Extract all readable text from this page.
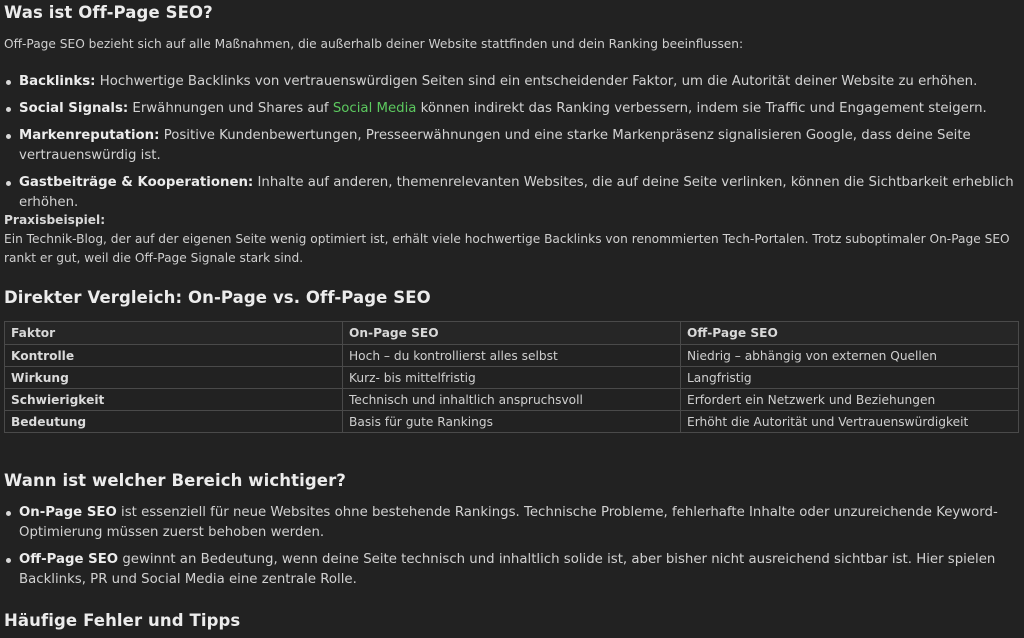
Was ist Off-Page SEO?
Off-Page SEO bezieht sich auf alle Maßnahmen, die außerhalb deiner Website stattfinden und dein Ranking beeinflussen:
Backlinks: Hochwertige Backlinks von vertrauenswürdigen Seiten sind ein entscheidender Faktor, um die Autorität deiner Website zu erhöhen.
Social Signals: Erwähnungen und Shares auf Social Media können indirekt das Ranking verbessern, indem sie Traffic und Engagement steigern.
Markenreputation: Positive Kundenbewertungen, Presseerwähnungen und eine starke Markenpräsenz signalisieren Google, dass deine Seite vertrauenswürdig ist.
Gastbeiträge & Kooperationen: Inhalte auf anderen, themenrelevanten Websites, die auf deine Seite verlinken, können die Sichtbarkeit erheblich erhöhen.
Praxisbeispiel:
Ein Technik-Blog, der auf der eigenen Seite wenig optimiert ist, erhält viele hochwertige Backlinks von renommierten Tech-Portalen. Trotz suboptimaler On-Page SEO rankt er gut, weil die Off-Page Signale stark sind.
Direkter Vergleich: On-Page vs. Off-Page SEO
Faktor	On-Page SEO	Off-Page SEO
Kontrolle	Hoch – du kontrollierst alles selbst	Niedrig – abhängig von externen Quellen
Wirkung	Kurz- bis mittelfristig	Langfristig
Schwierigkeit	Technisch und inhaltlich anspruchsvoll	Erfordert ein Netzwerk und Beziehungen
Bedeutung	Basis für gute Rankings	Erhöht die Autorität und Vertrauenswürdigkeit
Wann ist welcher Bereich wichtiger?
On-Page SEO ist essenziell für neue Websites ohne bestehende Rankings. Technische Probleme, fehlerhafte Inhalte oder unzureichende Keyword-Optimierung müssen zuerst behoben werden.
Off-Page SEO gewinnt an Bedeutung, wenn deine Seite technisch und inhaltlich solide ist, aber bisher nicht ausreichend sichtbar ist. Hier spielen Backlinks, PR und Social Media eine zentrale Rolle.
Häufige Fehler und Tipps
